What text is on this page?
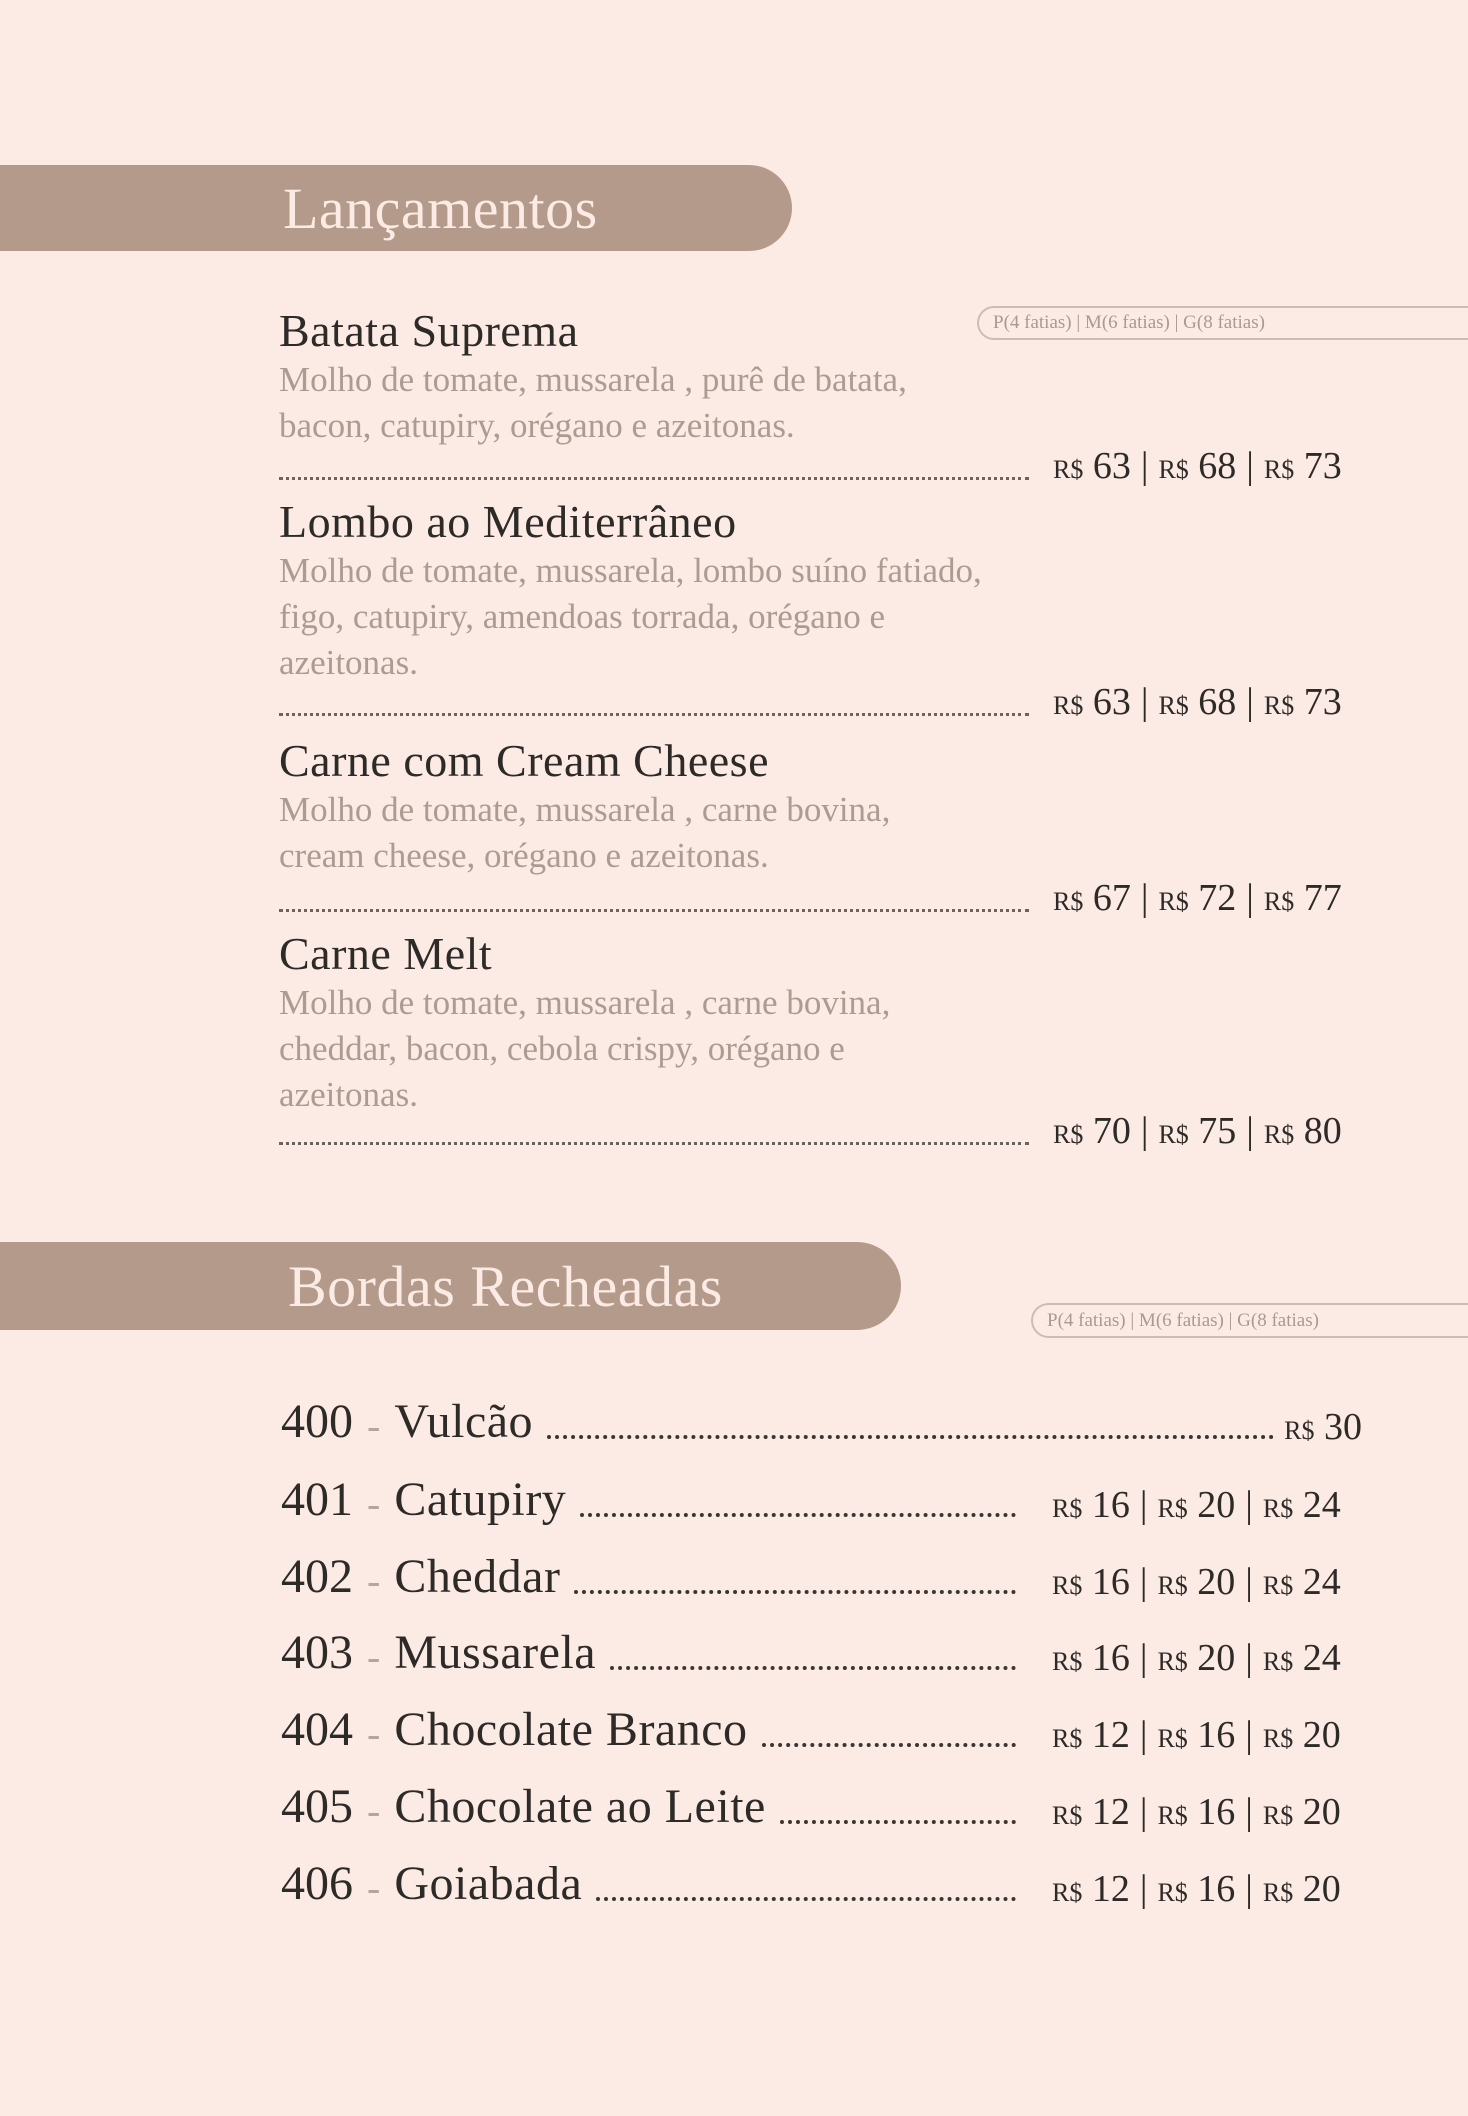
Lançamentos
P(4 fatias) | M(6 fatias) | G(8 fatias)
Batata Suprema
Molho de tomate, mussarela , purê de batata,
bacon, catupiry, orégano e azeitonas.
R$ 63 | R$ 68 | R$ 73
Lombo ao Mediterrâneo
Molho de tomate, mussarela, lombo suíno fatiado,
figo, catupiry, amendoas torrada, orégano e
azeitonas.
R$ 63 | R$ 68 | R$ 73
Carne com Cream Cheese
Molho de tomate, mussarela , carne bovina,
cream cheese, orégano e azeitonas.
R$ 67 | R$ 72 | R$ 77
Carne Melt
Molho de tomate, mussarela , carne bovina,
cheddar, bacon, cebola crispy, orégano e
azeitonas.
R$ 70 | R$ 75 | R$ 80
Bordas Recheadas
P(4 fatias) | M(6 fatias) | G(8 fatias)
400 - Vulcão	R$ 30
401 - Catupiry	R$ 16 | R$ 20 | R$ 24
402 - Cheddar	R$ 16 | R$ 20 | R$ 24
403 - Mussarela	R$ 16 | R$ 20 | R$ 24
404 - Chocolate Branco	R$ 12 | R$ 16 | R$ 20
405 - Chocolate ao Leite	R$ 12 | R$ 16 | R$ 20
406 - Goiabada	R$ 12 | R$ 16 | R$ 20
